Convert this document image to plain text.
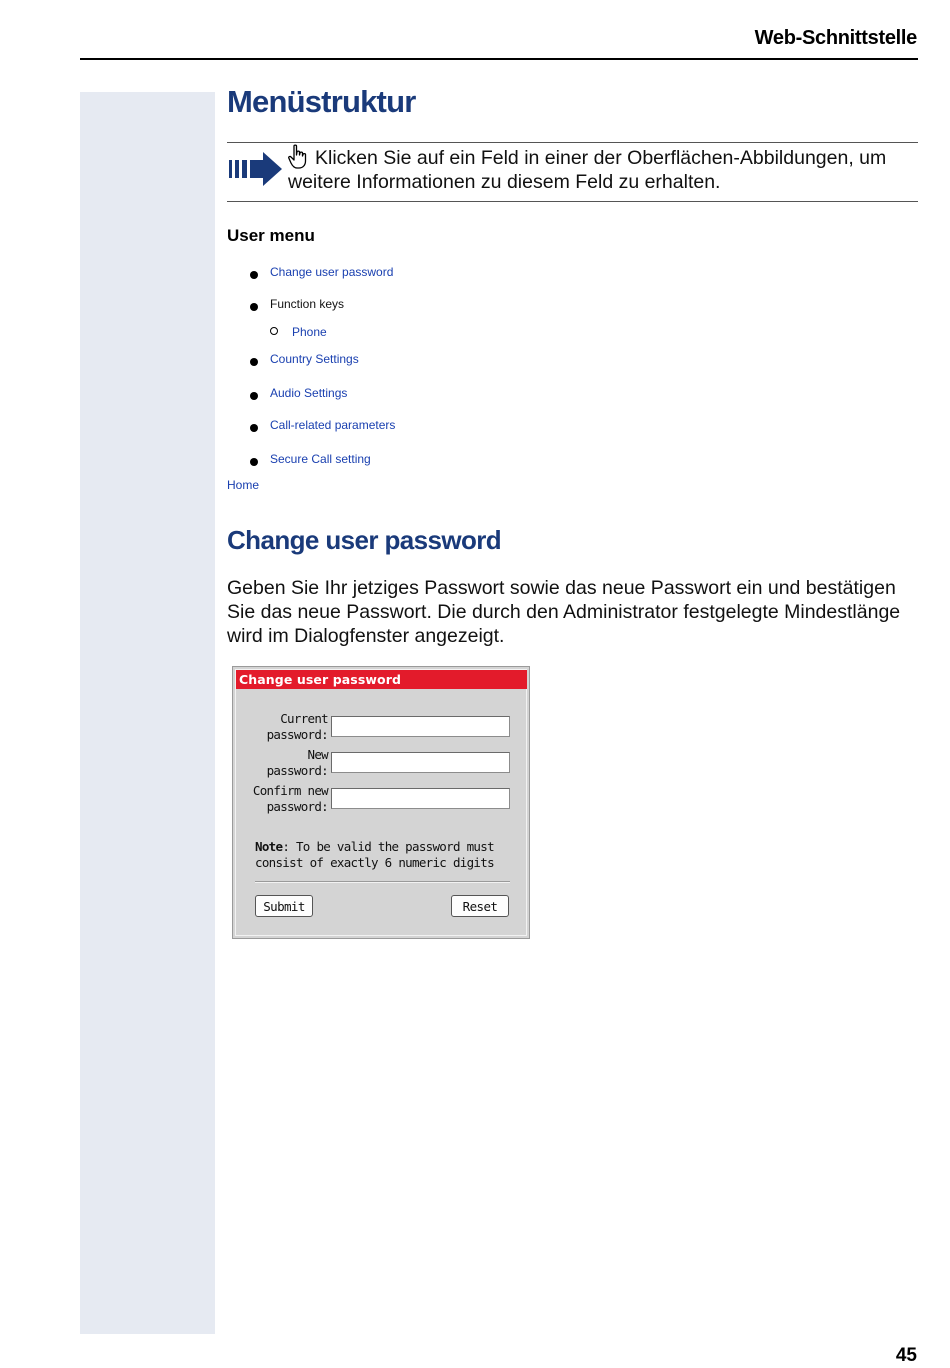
Web-Schnittstelle
Menüstruktur
Klicken Sie auf ein Feld in einer der Oberflächen-Abbildungen, um weitere Informationen zu diesem Feld zu erhalten.
User menu
Change user password
Function keys
Phone
Country Settings
Audio Settings
Call-related parameters
Secure Call setting
Home
Change user password

Geben Sie Ihr jetziges Passwort sowie das neue Passwort ein und bestätigen Sie das neue Passwort. Die durch den Administrator festgelegte Mindestlänge wird im Dialogfenster angezeigt.

Change user password
Current
password:
New
password:
Confirm new
password:
Note: To be valid the password must consist of exactly 6 numeric digits
Submit	Reset
45
